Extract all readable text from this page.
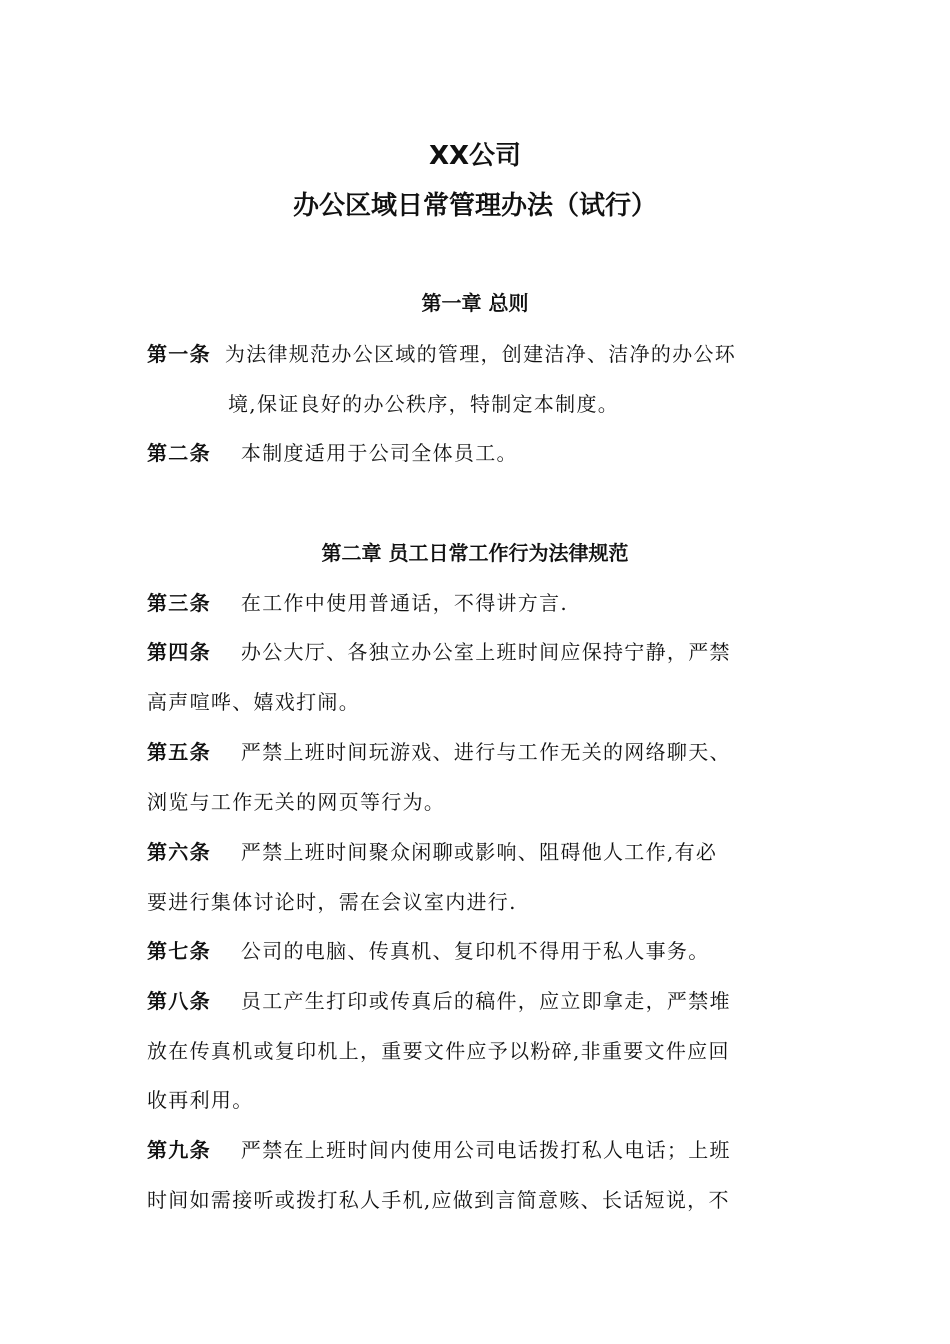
XX公司
办公区域日常管理办法（试行）
第一章 总则
第一条 为法律规范办公区域的管理，创建洁净、洁净的办公环
境,保证良好的办公秩序，特制定本制度。
第二条 本制度适用于公司全体员工。
第二章 员工日常工作行为法律规范
第三条 在工作中使用普通话，不得讲方言.
第四条 办公大厅、各独立办公室上班时间应保持宁静，严禁
高声喧哗、嬉戏打闹。
第五条 严禁上班时间玩游戏、进行与工作无关的网络聊天、
浏览与工作无关的网页等行为。
第六条 严禁上班时间聚众闲聊或影响、阻碍他人工作,有必
要进行集体讨论时，需在会议室内进行.
第七条 公司的电脑、传真机、复印机不得用于私人事务。
第八条 员工产生打印或传真后的稿件，应立即拿走，严禁堆
放在传真机或复印机上，重要文件应予以粉碎,非重要文件应回
收再利用。
第九条 严禁在上班时间内使用公司电话拨打私人电话；上班
时间如需接听或拨打私人手机,应做到言简意赅、长话短说，不
